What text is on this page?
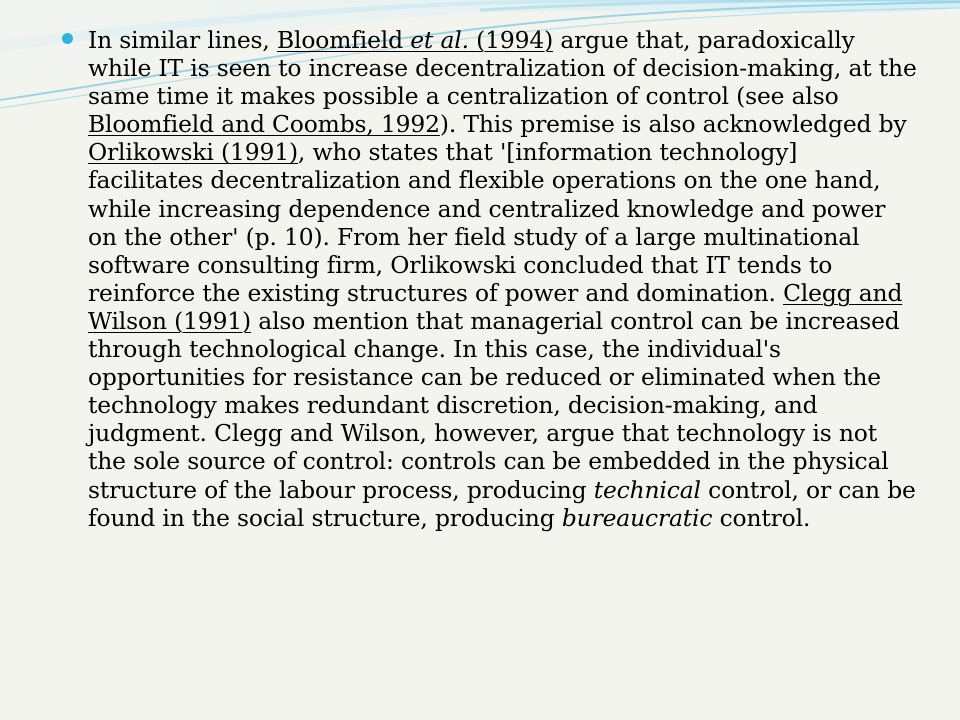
In similar lines, Bloomfield et al. (1994) argue that, paradoxically while IT is seen to increase decentralization of decision-making, at the same time it makes possible a centralization of control (see also Bloomfield and Coombs, 1992). This premise is also acknowledged by Orlikowski (1991), who states that '[information technology] facilitates decentralization and flexible operations on the one hand, while increasing dependence and centralized knowledge and power on the other' (p. 10). From her field study of a large multinational software consulting firm, Orlikowski concluded that IT tends to reinforce the existing structures of power and domination. Clegg and Wilson (1991) also mention that managerial control can be increased through technological change. In this case, the individual's opportunities for resistance can be reduced or eliminated when the technology makes redundant discretion, decision-making, and judgment. Clegg and Wilson, however, argue that technology is not the sole source of control: controls can be embedded in the physical structure of the labour process, producing technical control, or can be found in the social structure, producing bureaucratic control.
